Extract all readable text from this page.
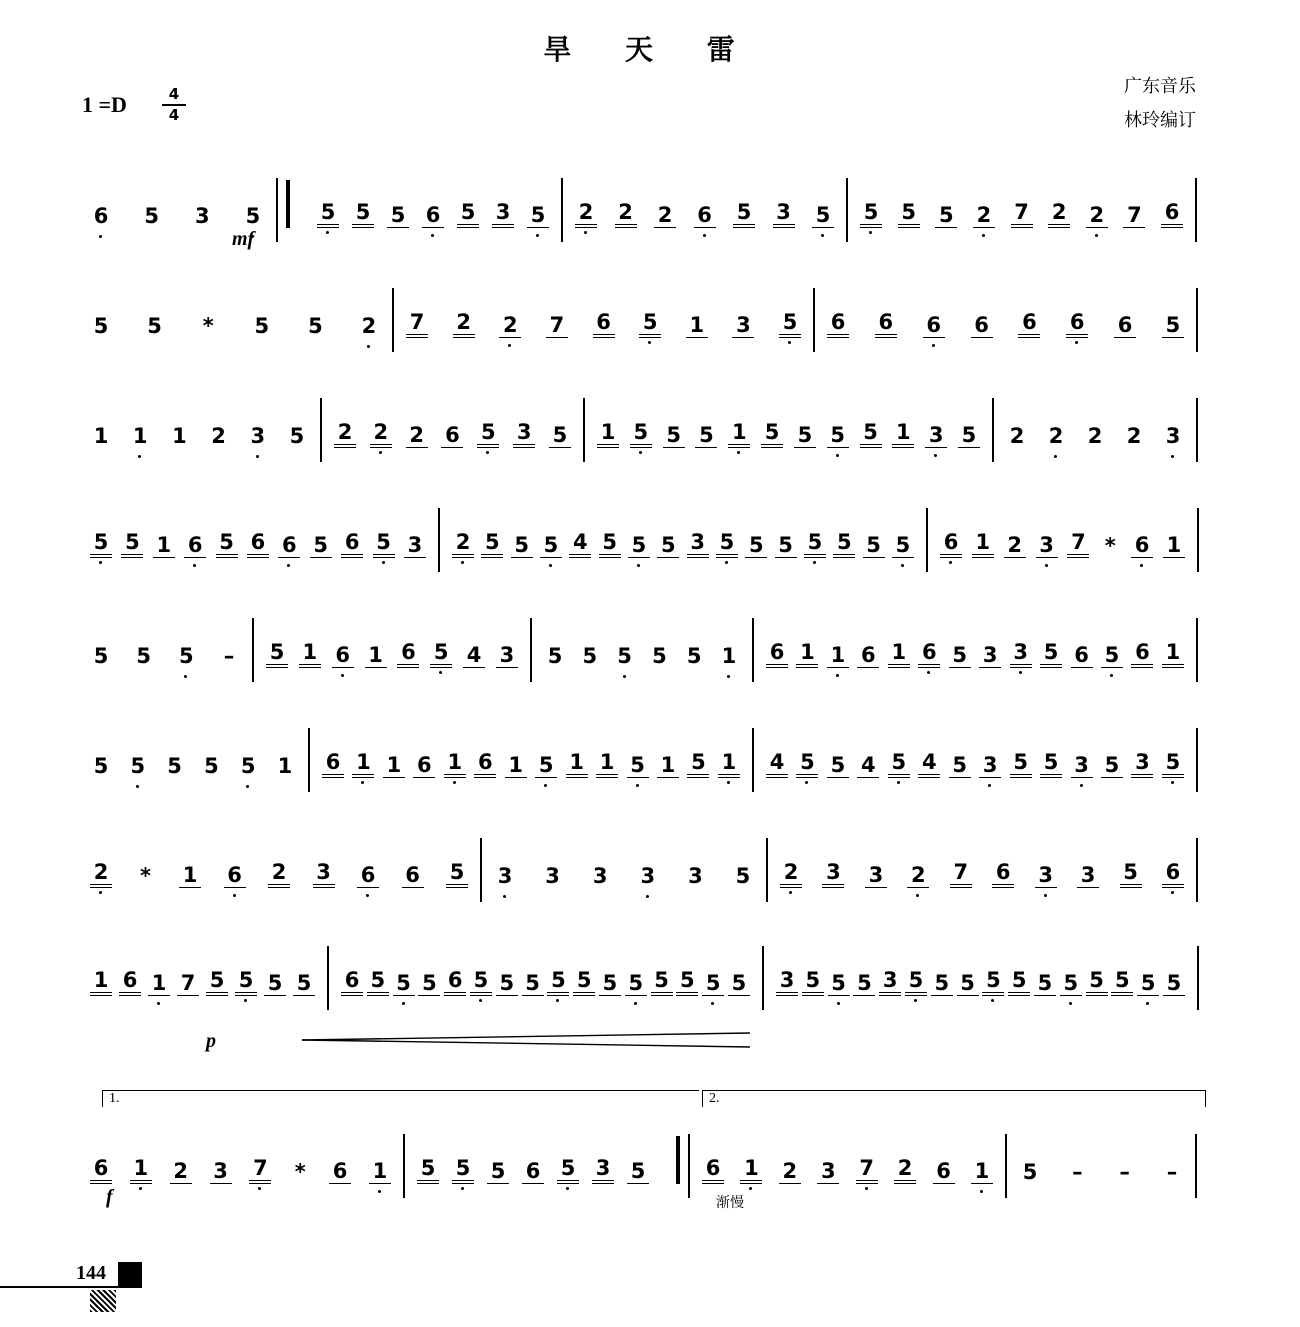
旱 天 雷
1 =D	4
4
广东音乐
林玲编订
6 5 3 5	5 5 5 6 5 3 5 2 2 2 6 5 3 5 5 5 5 2 7 2 2 7 6
5 5 * 5 5 2 7 2 2 7 6 5 1 3 5 6 6 6 6 6 6 6 5
1 1 1 2 3 5 2 2 2 6 5 3 5 1 5 5 5 1 5 5 5 5 1 3 5 2 2 2 2 3
5 5 1 6 5 6 6 5 6 5 3 2 5 5 5 4 5 5 5 3 5 5 5 5 5 5 5 6 1 2 3 7 * 6 1
5 5 5 – 5 1 6 1 6 5 4 3 5 5 5 5 5 1 6 1 1 6 1 6 5 3 3 5 6 5 6 1
5 5 5 5 5 1 6 1 1 6 1 6 1 5 1 1 5 1 5 1 4 5 5 4 5 4 5 3 5 5 3 5 3 5
2 * 1 6 2 3 6 6 5 3 3 3 3 3 5 2 3 3 2 7 6 3 3 5 6
1 6 1 7 5 5 5 5 6 5 5 5 6 5 5 5 5 5 5 5 5 5 5 5 3 5 5 5 3 5 5 5 5 5 5 5 5 5 5 5
6 1 2 3 7 * 6 1 5 5 5 6 5 3 5	6 1 2 3 7 2 6 1 5 – – –
mf
p
f	渐慢
1.	2.
144
